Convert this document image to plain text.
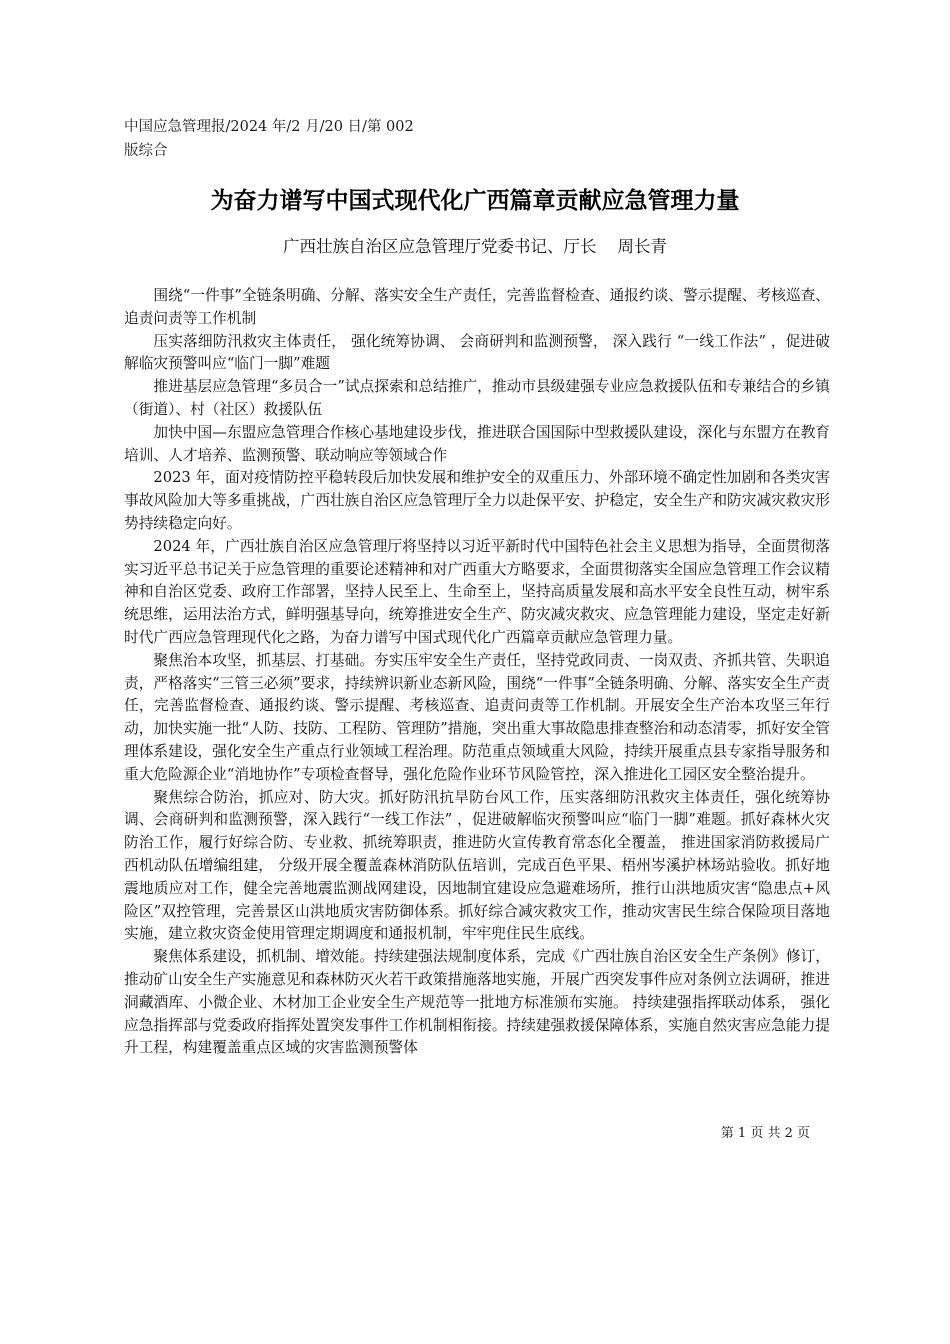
中国应急管理报/2024 年/2 月/20 日/第 002 版综合
为奋力谱写中国式现代化广西篇章贡献应急管理力量
广西壮族自治区应急管理厅党委书记、厅长    周长青

围绕“一件事”全链条明确、分解、落实安全生产责任，完善监督检查、通报约谈、警示提醒、考核巡查、追责问责等工作机制

压实落细防汛救灾主体责任， 强化统筹协调、 会商研判和监测预警， 深入践行 “一线工作法” ，促进破解临灾预警叫应“临门一脚”难题

推进基层应急管理“多员合一”试点探索和总结推广，推动市县级建强专业应急救援队伍和专兼结合的乡镇（街道）、村（社区）救援队伍

加快中国—东盟应急管理合作核心基地建设步伐，推进联合国国际中型救援队建设，深化与东盟方在教育培训、人才培养、监测预警、联动响应等领域合作

2023 年，面对疫情防控平稳转段后加快发展和维护安全的双重压力、外部环境不确定性加剧和各类灾害事故风险加大等多重挑战，广西壮族自治区应急管理厅全力以赴保平安、护稳定，安全生产和防灾减灾救灾形势持续稳定向好。

2024 年，广西壮族自治区应急管理厅将坚持以习近平新时代中国特色社会主义思想为指导，全面贯彻落实习近平总书记关于应急管理的重要论述精神和对广西重大方略要求，全面贯彻落实全国应急管理工作会议精神和自治区党委、政府工作部署，坚持人民至上、生命至上，坚持高质量发展和高水平安全良性互动，树牢系统思维，运用法治方式，鲜明强基导向，统筹推进安全生产、防灾减灾救灾、应急管理能力建设，坚定走好新时代广西应急管理现代化之路，为奋力谱写中国式现代化广西篇章贡献应急管理力量。

聚焦治本攻坚，抓基层、打基础。夯实压牢安全生产责任，坚持党政同责、一岗双责、齐抓共管、失职追责，严格落实“三管三必须”要求，持续辨识新业态新风险，围绕“一件事”全链条明确、分解、落实安全生产责任，完善监督检查、通报约谈、警示提醒、考核巡查、追责问责等工作机制。开展安全生产治本攻坚三年行动，加快实施一批“人防、技防、工程防、管理防”措施，突出重大事故隐患排查整治和动态清零，抓好安全管理体系建设，强化安全生产重点行业领域工程治理。防范重点领域重大风险，持续开展重点县专家指导服务和重大危险源企业“消地协作”专项检查督导，强化危险作业环节风险管控，深入推进化工园区安全整治提升。

聚焦综合防治，抓应对、防大灾。抓好防汛抗旱防台风工作，压实落细防汛救灾主体责任，强化统筹协调、会商研判和监测预警，深入践行“一线工作法” ，促进破解临灾预警叫应“临门一脚”难题。抓好森林火灾防治工作，履行好综合防、专业救、抓统筹职责，推进防火宣传教育常态化全覆盖， 推进国家消防救援局广西机动队伍增编组建， 分级开展全覆盖森林消防队伍培训，完成百色平果、梧州岑溪护林场站验收。抓好地震地质应对工作，健全完善地震监测战网建设，因地制宜建设应急避难场所，推行山洪地质灾害“隐患点+风险区”双控管理，完善景区山洪地质灾害防御体系。抓好综合减灾救灾工作，推动灾害民生综合保险项目落地实施，建立救灾资金使用管理定期调度和通报机制，牢牢兜住民生底线。

聚焦体系建设，抓机制、增效能。持续建强法规制度体系，完成《广西壮族自治区安全生产条例》修订，推动矿山安全生产实施意见和森林防灭火若干政策措施落地实施，开展广西突发事件应对条例立法调研，推进洞藏酒库、小微企业、木材加工企业安全生产规范等一批地方标准颁布实施。 持续建强指挥联动体系， 强化应急指挥部与党委政府指挥处置突发事件工作机制相衔接。持续建强救援保障体系，实施自然灾害应急能力提升工程，构建覆盖重点区域的灾害监测预警体

第 1 页 共 2 页
